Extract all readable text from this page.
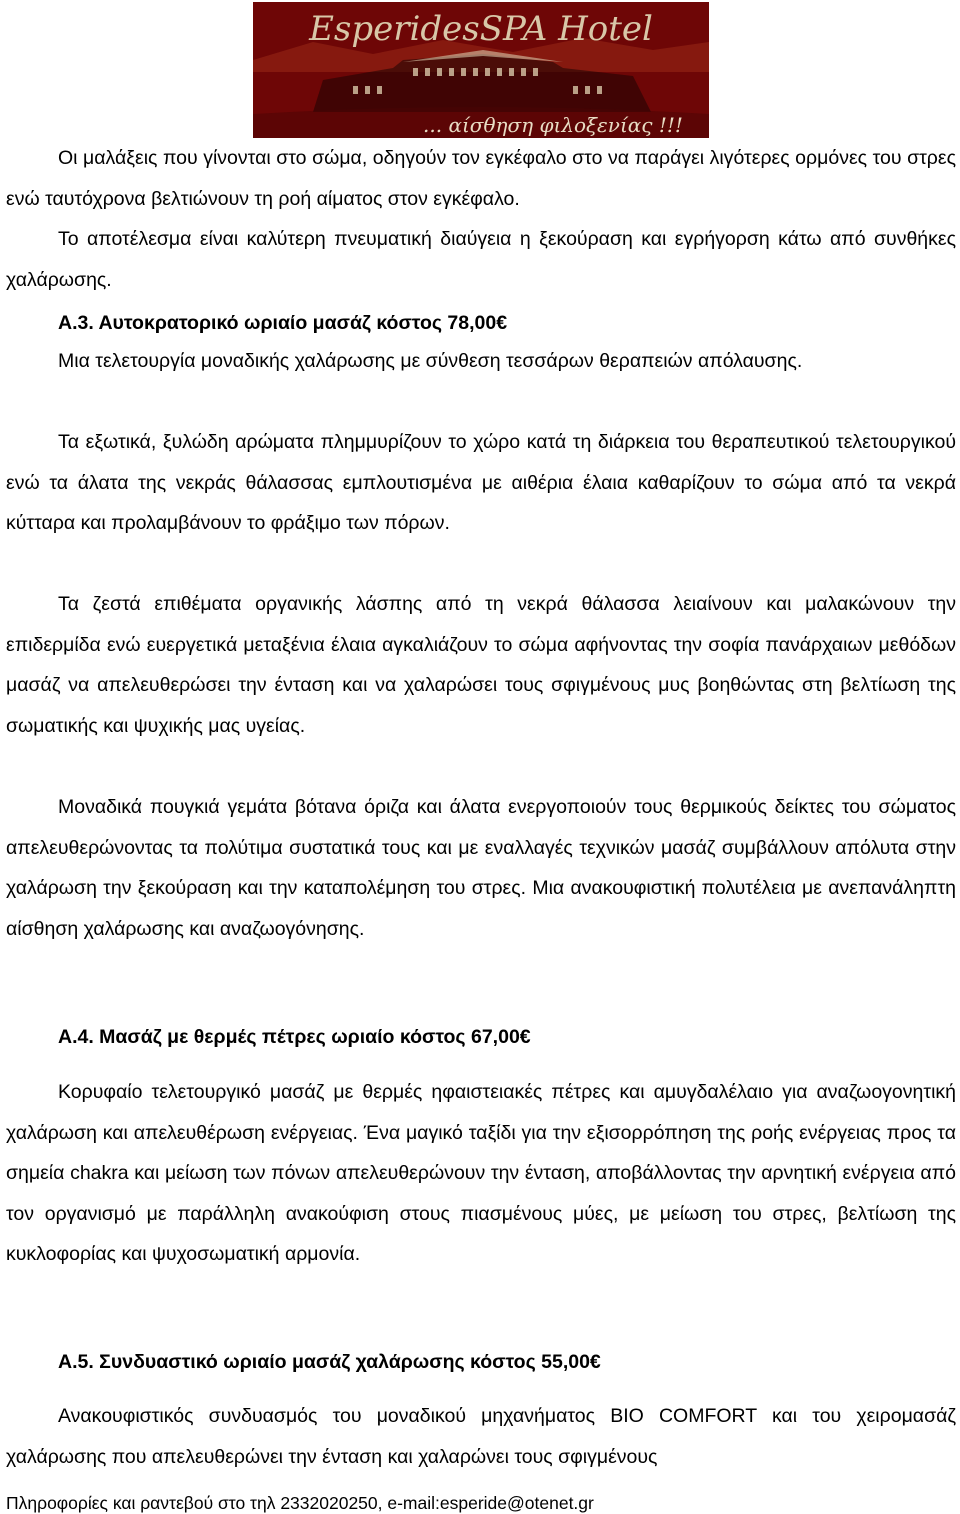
EsperidesSPA Hotel
... αίσθηση φιλοξενίας !!!

Οι μαλάξεις που γίνονται στο σώμα, οδηγούν τον εγκέφαλο στο να παράγει λιγότερες ορμόνες του στρες ενώ ταυτόχρονα βελτιώνουν τη ροή αίματος στον εγκέφαλο.

Το αποτέλεσμα είναι καλύτερη πνευματική διαύγεια η ξεκούραση και εγρήγορση κάτω από συνθήκες χαλάρωσης.

Α.3. Αυτοκρατορικό ωριαίο μασάζ κόστος 78,00€

Μια τελετουργία μοναδικής χαλάρωσης με σύνθεση τεσσάρων θεραπειών απόλαυσης.

Τα εξωτικά, ξυλώδη αρώματα πλημμυρίζουν το χώρο κατά τη διάρκεια του θεραπευτικού τελετουργικού ενώ τα άλατα της νεκράς θάλασσας εμπλουτισμένα με αιθέρια έλαια καθαρίζουν το σώμα από τα νεκρά κύτταρα και προλαμβάνουν το φράξιμο των πόρων.

Τα ζεστά επιθέματα οργανικής λάσπης από τη νεκρά θάλασσα λειαίνουν και μαλακώνουν την επιδερμίδα ενώ ευεργετικά μεταξένια έλαια αγκαλιάζουν το σώμα αφήνοντας την σοφία πανάρχαιων μεθόδων μασάζ να απελευθερώσει την ένταση και να χαλαρώσει τους σφιγμένους μυς βοηθώντας στη βελτίωση της σωματικής και ψυχικής μας υγείας.

Μοναδικά πουγκιά γεμάτα βότανα όριζα και άλατα ενεργοποιούν τους θερμικούς δείκτες του σώματος απελευθερώνοντας τα πολύτιμα συστατικά τους και με εναλλαγές τεχνικών μασάζ συμβάλλουν απόλυτα στην χαλάρωση την ξεκούραση και την καταπολέμηση του στρες. Μια ανακουφιστική πολυτέλεια με ανεπανάληπτη αίσθηση χαλάρωσης και αναζωογόνησης.

Α.4. Μασάζ με θερμές πέτρες ωριαίο κόστος 67,00€

Κορυφαίο τελετουργικό μασάζ με θερμές ηφαιστειακές πέτρες και αμυγδαλέλαιο για αναζωογονητική χαλάρωση και απελευθέρωση ενέργειας. Ένα μαγικό ταξίδι για την εξισορρόπηση της ροής ενέργειας προς τα σημεία chakra και μείωση των πόνων απελευθερώνουν την ένταση, αποβάλλοντας την αρνητική ενέργεια από τον οργανισμό με παράλληλη ανακούφιση στους πιασμένους μύες, με μείωση του στρες, βελτίωση της κυκλοφορίας και ψυχοσωματική αρμονία.

Α.5. Συνδυαστικό ωριαίο μασάζ χαλάρωσης κόστος 55,00€

Ανακουφιστικός συνδυασμός του μοναδικού μηχανήματος BIO COMFORT και του χειρομασάζ χαλάρωσης που απελευθερώνει την ένταση και χαλαρώνει τους σφιγμένους

Πληροφορίες και ραντεβού στο τηλ 2332020250, e-mail:esperide@otenet.gr
